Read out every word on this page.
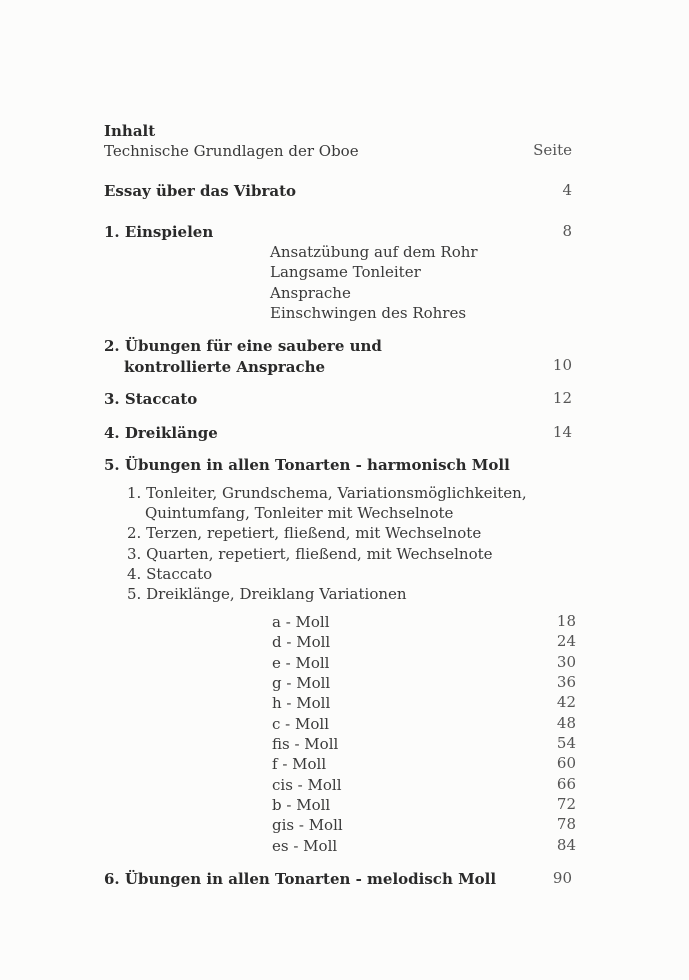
Inhalt
Technische Grundlagen der Oboe	Seite
Essay über das Vibrato	4
1. Einspielen	8
Ansatzübung auf dem Rohr
Langsame Tonleiter
Ansprache
Einschwingen des Rohres
2. Übungen für eine saubere und
kontrollierte Ansprache	10
3. Staccato	12
4. Dreiklänge	14
5. Übungen in allen Tonarten - harmonisch Moll
1. Tonleiter, Grundschema, Variationsmöglichkeiten,
Quintumfang, Tonleiter mit Wechselnote
2. Terzen, repetiert, fließend, mit Wechselnote
3. Quarten, repetiert, fließend, mit Wechselnote
4. Staccato
5. Dreiklänge, Dreiklang Variationen
a - Moll	18
d - Moll	24
e - Moll	30
g - Moll	36
h - Moll	42
c - Moll	48
fis - Moll	54
f - Moll	60
cis - Moll	66
b - Moll	72
gis - Moll	78
es - Moll	84
6. Übungen in allen Tonarten - melodisch Moll	90
